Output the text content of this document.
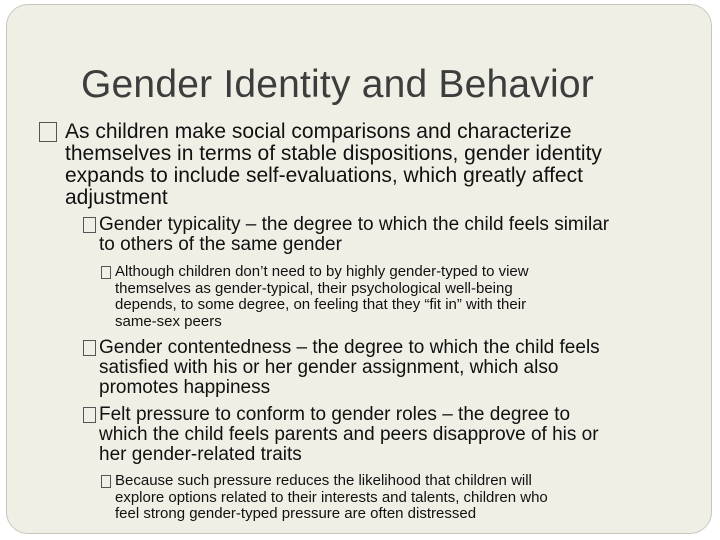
Gender Identity and Behavior
As children make social comparisons and characterize
themselves in terms of stable dispositions, gender identity
expands to include self-evaluations, which greatly affect
adjustment
Gender typicality – the degree to which the child feels similar
to others of the same gender
Although children don’t need to by highly gender-typed to view
themselves as gender-typical, their psychological well-being
depends, to some degree, on feeling that they “fit in” with their
same-sex peers
Gender contentedness – the degree to which the child feels
satisfied with his or her gender assignment, which also
promotes happiness
Felt pressure to conform to gender roles – the degree to
which the child feels parents and peers disapprove of his or
her gender-related traits
Because such pressure reduces the likelihood that children will
explore options related to their interests and talents, children who
feel strong gender-typed pressure are often distressed
